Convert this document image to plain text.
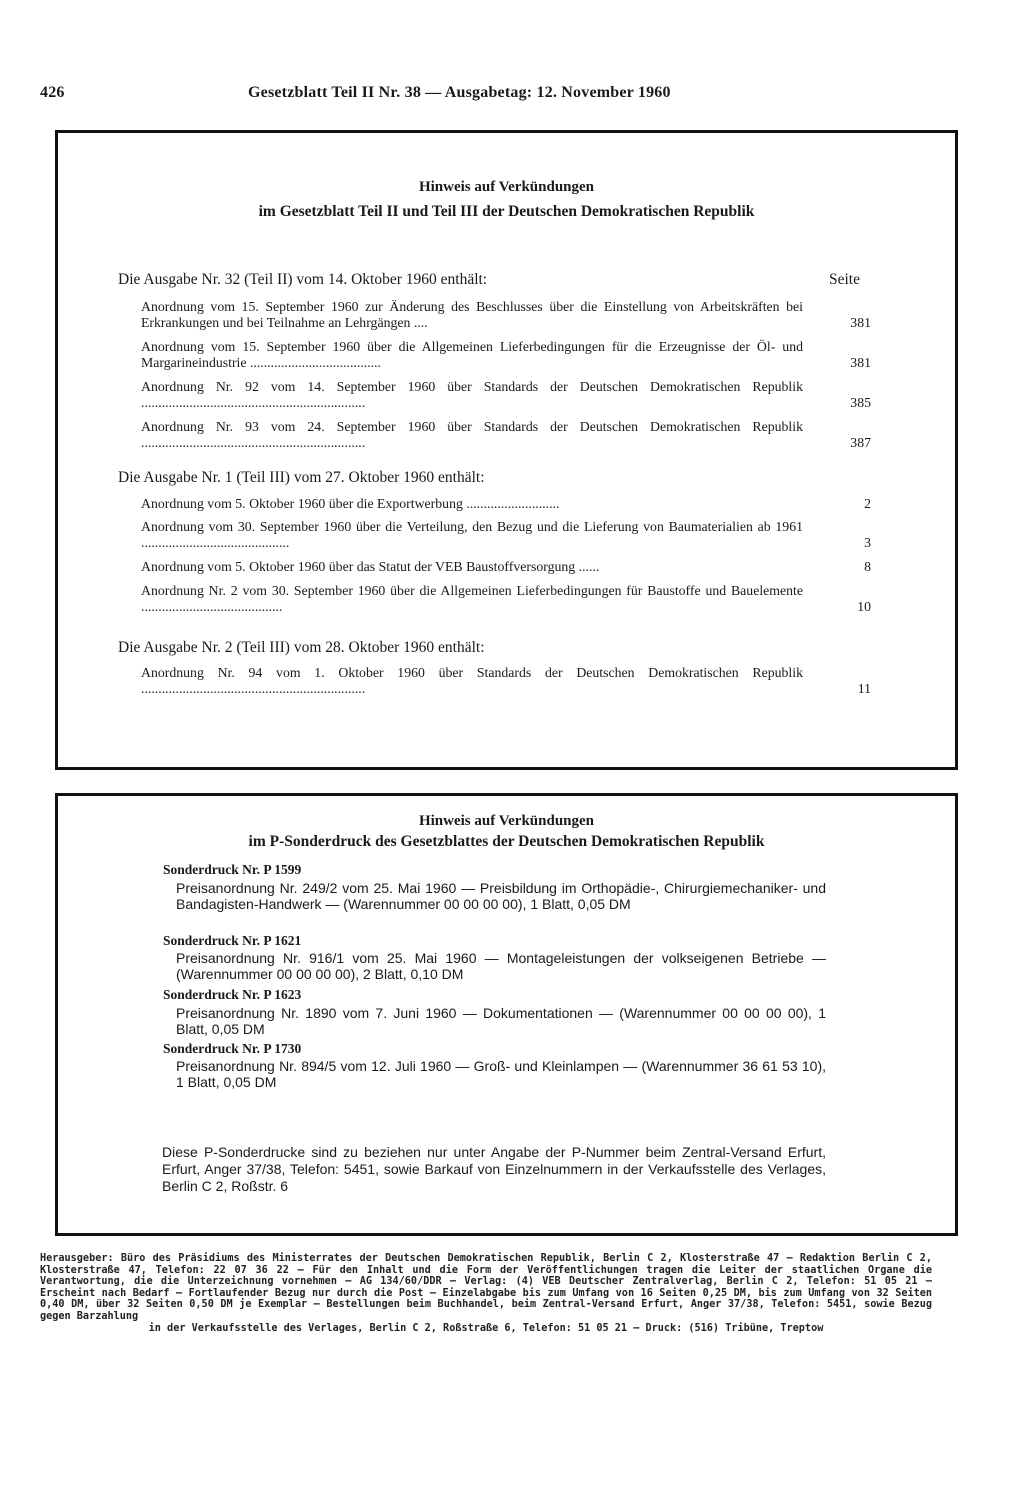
426	Gesetzblatt Teil II Nr. 38 — Ausgabetag: 12. November 1960
Hinweis auf Verkündungen
im Gesetzblatt Teil II und Teil III der Deutschen Demokratischen Republik
Die Ausgabe Nr. 32 (Teil II) vom 14. Oktober 1960 enthält:	Seite
Anordnung vom 15. September 1960 zur Änderung des Beschlusses über die Einstellung von Arbeitskräften bei Erkrankungen und bei Teilnahme an Lehrgängen ....	381
Anordnung vom 15. September 1960 über die Allgemeinen Lieferbedingungen für die Erzeugnisse der Öl- und Margarineindustrie ......................................	381
Anordnung Nr. 92 vom 14. September 1960 über Standards der Deutschen Demokratischen Republik .................................................................	385
Anordnung Nr. 93 vom 24. September 1960 über Standards der Deutschen Demokratischen Republik .................................................................	387
Die Ausgabe Nr. 1 (Teil III) vom 27. Oktober 1960 enthält:
Anordnung vom 5. Oktober 1960 über die Exportwerbung ...........................	2
Anordnung vom 30. September 1960 über die Verteilung, den Bezug und die Lieferung von Baumaterialien ab 1961 ...........................................	3
Anordnung vom 5. Oktober 1960 über das Statut der VEB Baustoffversorgung ......	8
Anordnung Nr. 2 vom 30. September 1960 über die Allgemeinen Lieferbedingungen für Baustoffe und Bauelemente .........................................	10
Die Ausgabe Nr. 2 (Teil III) vom 28. Oktober 1960 enthält:
Anordnung Nr. 94 vom 1. Oktober 1960 über Standards der Deutschen Demokratischen Republik .................................................................	11
Hinweis auf Verkündungen
im P-Sonderdruck des Gesetzblattes der Deutschen Demokratischen Republik
Sonderdruck Nr. P 1599
Preisanordnung Nr. 249/2 vom 25. Mai 1960 — Preisbildung im Orthopädie-, Chirurgiemechaniker- und Bandagisten-Handwerk — (Warennummer 00 00 00 00), 1 Blatt, 0,05 DM
Sonderdruck Nr. P 1621
Preisanordnung Nr. 916/1 vom 25. Mai 1960 — Montageleistungen der volkseigenen Betriebe — (Warennummer 00 00 00 00), 2 Blatt, 0,10 DM
Sonderdruck Nr. P 1623
Preisanordnung Nr. 1890 vom 7. Juni 1960 — Dokumentationen — (Warennummer 00 00 00 00), 1 Blatt, 0,05 DM
Sonderdruck Nr. P 1730
Preisanordnung Nr. 894/5 vom 12. Juli 1960 — Groß- und Kleinlampen — (Warennummer 36 61 53 10), 1 Blatt, 0,05 DM
Diese P-Sonderdrucke sind zu beziehen nur unter Angabe der P-Nummer beim Zentral-Versand Erfurt, Erfurt, Anger 37/38, Telefon: 5451, sowie Barkauf von Einzelnummern in der Verkaufsstelle des Verlages, Berlin C 2, Roßstr. 6
Herausgeber: Büro des Präsidiums des Ministerrates der Deutschen Demokratischen Republik, Berlin C 2, Klosterstraße 47 — Redaktion Berlin C 2, Klosterstraße 47, Telefon: 22 07 36 22 — Für den Inhalt und die Form der Veröffentlichungen tragen die Leiter der staatlichen Organe die Verantwortung, die die Unterzeichnung vornehmen — AG 134/60/DDR — Verlag: (4) VEB Deutscher Zentralverlag, Berlin C 2, Telefon: 51 05 21 — Erscheint nach Bedarf — Fortlaufender Bezug nur durch die Post — Einzelabgabe bis zum Umfang von 16 Seiten 0,25 DM, bis zum Umfang von 32 Seiten 0,40 DM, über 32 Seiten 0,50 DM je Exemplar — Bestellungen beim Buchhandel, beim Zentral-Versand Erfurt, Anger 37/38, Telefon: 5451, sowie Bezug gegen Barzahlung
in der Verkaufsstelle des Verlages, Berlin C 2, Roßstraße 6, Telefon: 51 05 21 — Druck: (516) Tribüne, Treptow
